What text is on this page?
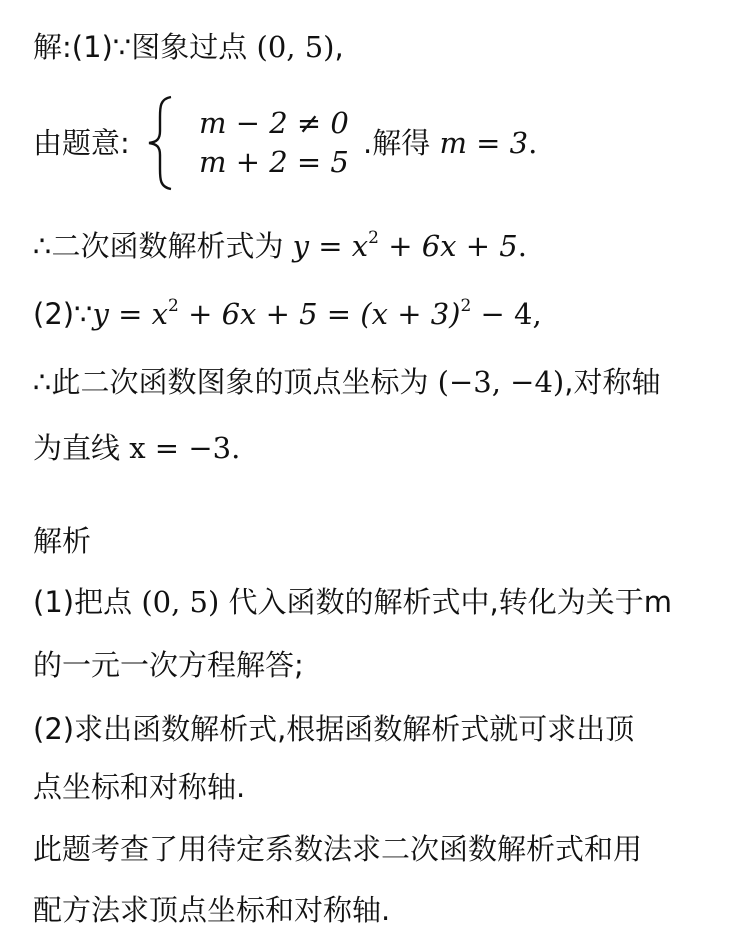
解:(1)∵图象过点 (0, 5),
由题意:
m − 2 ≠ 0
m + 2 = 5
.解得 m = 3.
∴二次函数解析式为 $y = x^2 + 6x + 5$.
(2)∵y = $x^2 + 6x + 5 = (x + 3)^2 - 4$,
∴此二次函数图象的顶点坐标为 (−3, −4),对称轴
为直线 x = −3.
解析
(1)把点 (0, 5) 代入函数的解析式中,转化为关于m
的一元一次方程解答;
(2)求出函数解析式,根据函数解析式就可求出顶
点坐标和对称轴.
此题考查了用待定系数法求二次函数解析式和用
配方法求顶点坐标和对称轴.
